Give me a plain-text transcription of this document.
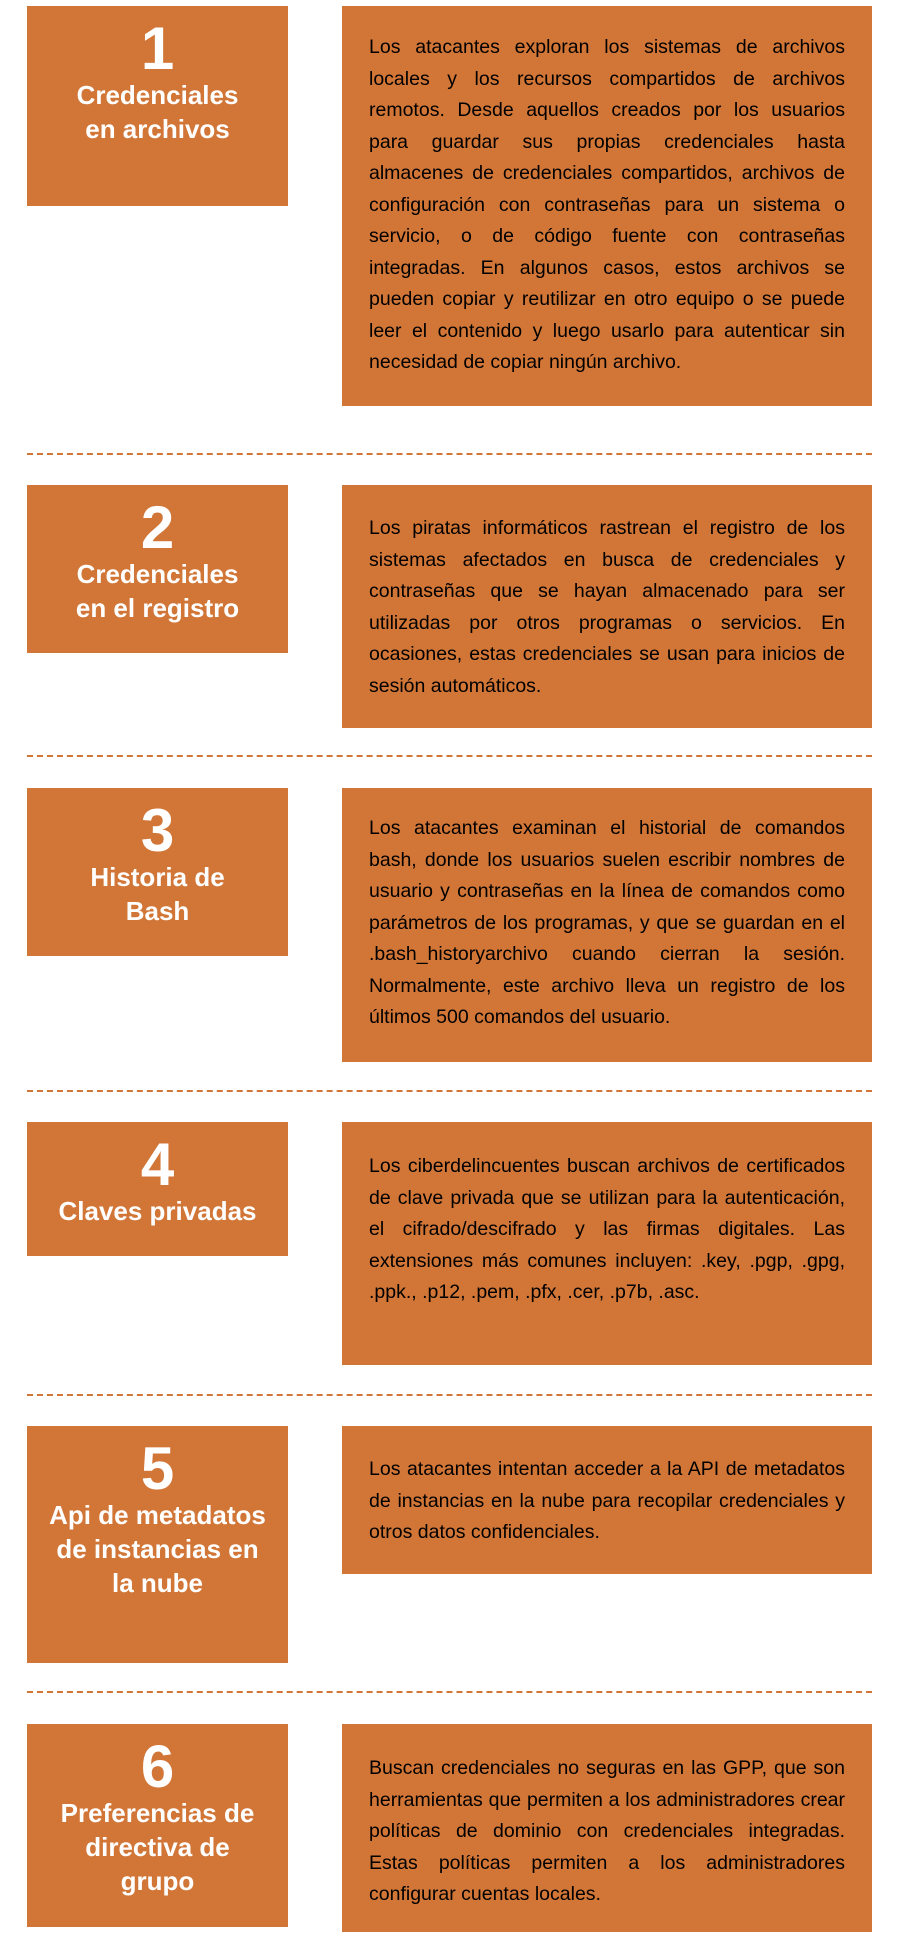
1
Credenciales en archivos
Los atacantes exploran los sistemas de archivos locales y los recursos compartidos de archivos remotos. Desde aquellos creados por los usuarios para guardar sus propias credenciales hasta almacenes de credenciales compartidos, archivos de configuración con contraseñas para un sistema o servicio, o de código fuente con contraseñas integradas. En algunos casos, estos archivos se pueden copiar y reutilizar en otro equipo o se puede leer el contenido y luego usarlo para autenticar sin necesidad de copiar ningún archivo.
2
Credenciales en el registro
Los piratas informáticos rastrean el registro de los sistemas afectados en busca de credenciales y contraseñas que se hayan almacenado para ser utilizadas por otros programas o servicios. En ocasiones, estas credenciales se usan para inicios de sesión automáticos.
3
Historia de Bash
Los atacantes examinan el historial de comandos bash, donde los usuarios suelen escribir nombres de usuario y contraseñas en la línea de comandos como parámetros de los programas, y que se guardan en el .bash_historyarchivo cuando cierran la sesión. Normalmente, este archivo lleva un registro de los últimos 500 comandos del usuario.
4
Claves privadas
Los ciberdelincuentes buscan archivos de certificados de clave privada que se utilizan para la autenticación, el cifrado/descifrado y las firmas digitales. Las extensiones más comunes incluyen: .key, .pgp, .gpg, .ppk., .p12, .pem, .pfx, .cer, .p7b, .asc.
5
Api de metadatos de instancias en la nube
Los atacantes intentan acceder a la API de metadatos de instancias en la nube para recopilar credenciales y otros datos confidenciales.
6
Preferencias de directiva de grupo
Buscan credenciales no seguras en las GPP, que son herramientas que permiten a los administradores crear políticas de dominio con credenciales integradas. Estas políticas permiten a los administradores configurar cuentas locales.
